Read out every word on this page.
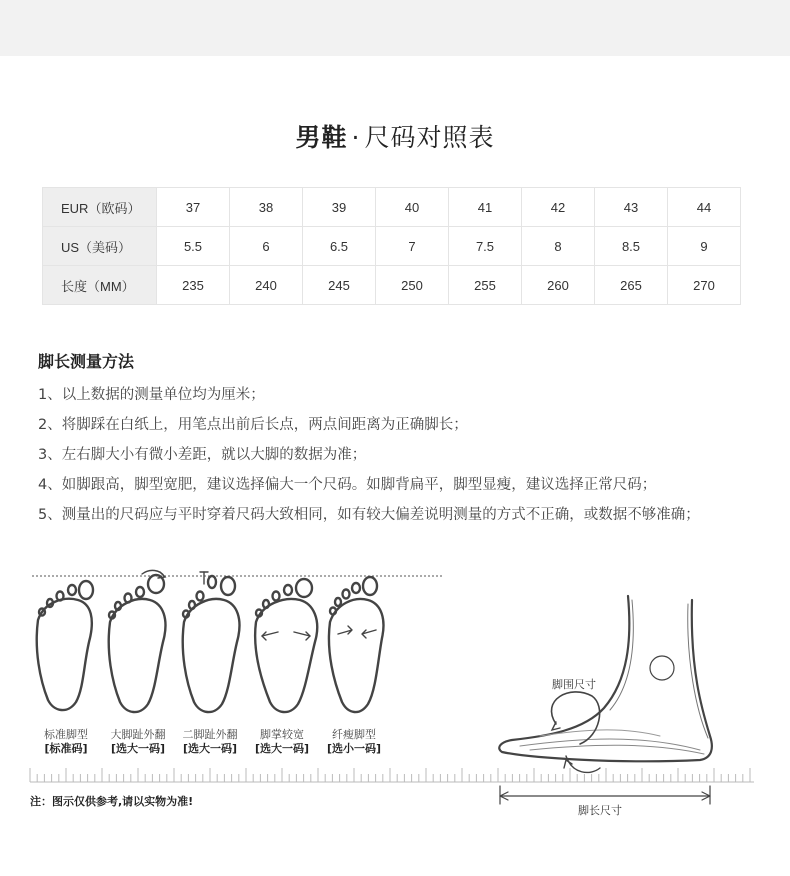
男鞋 · 尺码对照表
EUR（欧码）	37	38	39	40	41	42	43	44
US（美码）	5.5	6	6.5	7	7.5	8	8.5	9
长度（MM）	235	240	245	250	255	260	265	270
脚长测量方法
1、以上数据的测量单位均为厘米；
2、将脚踩在白纸上，用笔点出前后长点，两点间距离为正确脚长；
3、左右脚大小有微小差距，就以大脚的数据为准；
4、如脚跟高，脚型宽肥，建议选择偏大一个尺码。如脚背扁平，脚型显瘦，建议选择正常尺码；
5、测量出的尺码应与平时穿着尺码大致相同，如有较大偏差说明测量的方式不正确，或数据不够准确；
标准脚型
[标准码]
大脚趾外翻
[选大一码]
二脚趾外翻
[选大一码]
脚掌较宽
[选大一码]
纤瘦脚型
[选小一码]
脚围尺寸
脚长尺寸
注：图示仅供参考,请以实物为准!
